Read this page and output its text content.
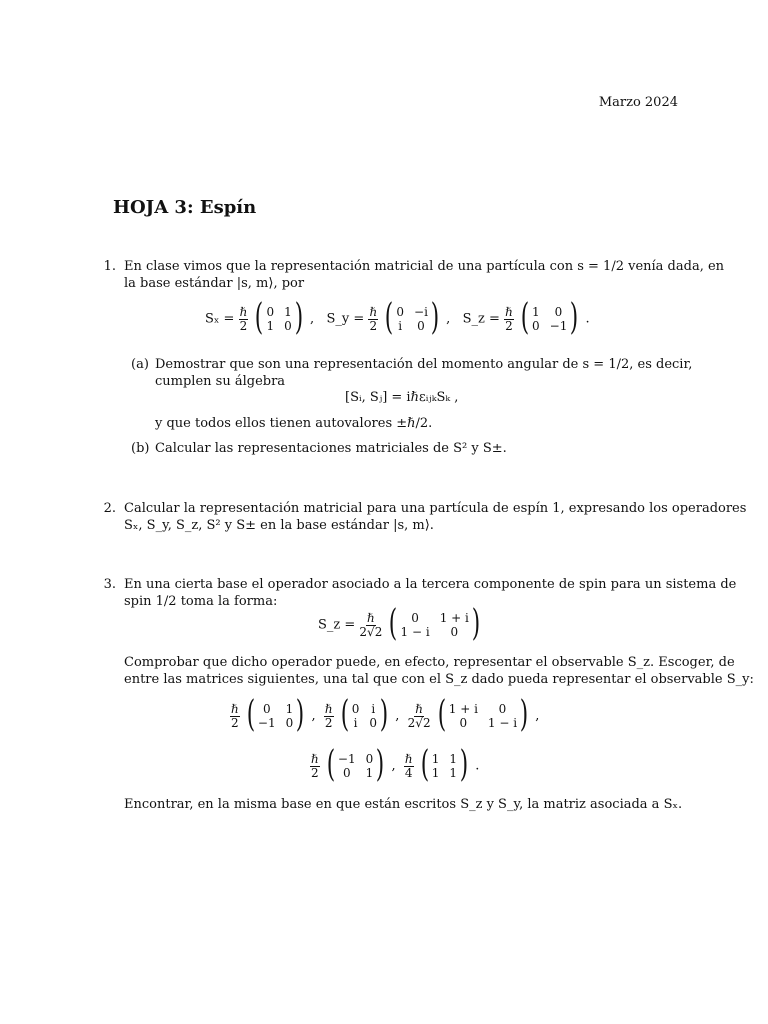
Marzo 2024
HOJA 3: Espín
1. En clase vimos que la representación matricial de una partícula con s = 1/2 venía dada, en
la base estándar |s, m⟩, por
$S_x = \frac{\text{ℏ}}{2}$
( 0 1
1 0 ) , S_y = $\frac{\text{ℏ}}{2}$
( 0 −i
i 0 ) , S_z = $\frac{\text{ℏ}}{2}$
( 1	0
0 −1 ) .
(a) Demostrar que son una representación del momento angular de s = 1/2, es decir,
cumplen su álgebra
[Sᵢ, Sⱼ] = iℏεᵢⱼₖSₖ ,
y que todos ellos tienen autovalores ±ℏ/2.
(b) Calcular las representaciones matriciales de S² y S±.
2. Calcular la representación matricial para una partícula de espín 1, expresando los operadores
Sₓ, S_y, S_z, S² y S± en la base estándar |s, m⟩.
3. En una cierta base el operador asociado a la tercera componente de spin para un sistema de
spin 1/2 toma la forma:
S_z = $\frac{\text{ℏ}}{2√2}$
(	0	1 + i
1 − i	0 )
Comprobar que dicho operador puede, en efecto, representar el observable S_z. Escoger, de
entre las matrices siguientes, una tal que con el S_z dado pueda representar el observable S_y:
$\frac{\text{ℏ}}{2}$
( 0	1
−1 0 ) , $\frac{\text{ℏ}}{2}$
( 0 i
i 0 ) , $\frac{\text{ℏ}}{2√2}$
( 1 + i	0
0	1 − i ) ,
$\frac{\text{ℏ}}{2}$
( −1 0
0	1 ) , $\frac{\text{ℏ}}{4}$
( 1 1
1 1 ) .
Encontrar, en la misma base en que están escritos S_z y S_y, la matriz asociada a Sₓ.
